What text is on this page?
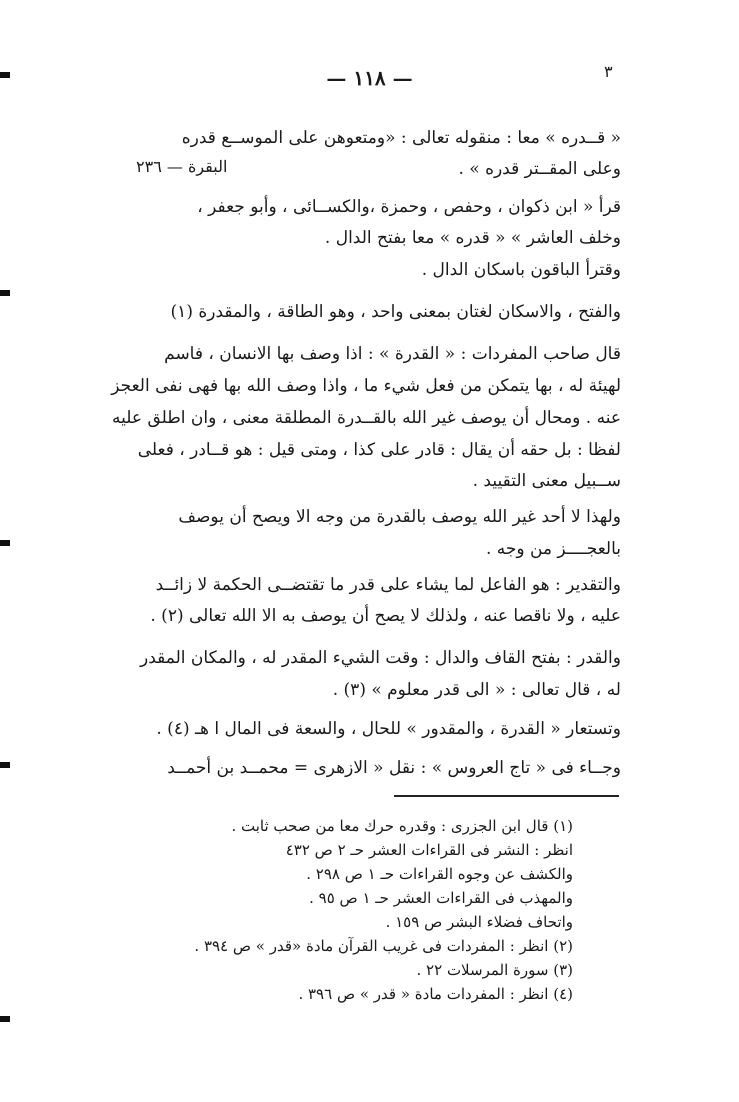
٣
— ١١٨ —
« قــدره » معا : منقوله تعالى : «ومتعوهن على الموســع قدره
وعلى المقــتر قدره » .
البقرة — ٢٣٦
قرأ « ابن ذكوان ، وحفص ، وحمزة ،والكســائى ، وأبو جعفر ،
وخلف العاشر » « قدره » معا بفتح الدال .
وقترأ الباقون باسكان الدال .
والفتح ، والاسكان لغتان بمعنى واحد ، وهو الطاقة ، والمقدرة (١)
قال صاحب المفردات : « القدرة » : اذا وصف بها الانسان ، فاسم
لهيئة له ، بها يتمكن من فعل شيء ما ، واذا وصف الله بها فهى نفى العجز
عنه . ومحال أن يوصف غير الله بالقــدرة المطلقة معنى ، وان اطلق عليه
لفظا : بل حقه أن يقال : قادر على كذا ، ومتى قيل : هو قــادر ، فعلى
ســبيل معنى التقييد .
ولهذا لا أحد غير الله يوصف بالقدرة من وجه الا ويصح أن يوصف
بالعجــــز من وجه .
والتقدير : هو الفاعل لما يشاء على قدر ما تقتضــى الحكمة لا زائــد
عليه ، ولا ناقصا عنه ، ولذلك لا يصح أن يوصف به الا الله تعالى (٢) .
والقدر : بفتح القاف والدال : وقت الشيء المقدر له ، والمكان المقدر
له ، قال تعالى : « الى قدر معلوم » (٣) .
وتستعار « القدرة ، والمقدور » للحال ، والسعة فى المال ا هـ (٤) .
وجــاء فى « تاج العروس » : نقل « الازهرى = محمــد بن أحمــد
(١) قال ابن الجزرى : وقدره حرك معا من صحب ثابت .
انظر : النشر فى القراءات العشر حـ ٢ ص ٤٣٢
والكشف عن وجوه القراءات حـ ١ ص ٢٩٨ .
والمهذب فى القراءات العشر حـ ١ ص ٩٥ .
واتحاف فضلاء البشر ص ١٥٩ .
(٢) انظر : المفردات فى غريب القرآن مادة «قدر » ص ٣٩٤ .
(٣) سورة المرسلات ٢٢ .
(٤) انظر : المفردات مادة « قدر » ص ٣٩٦ .
